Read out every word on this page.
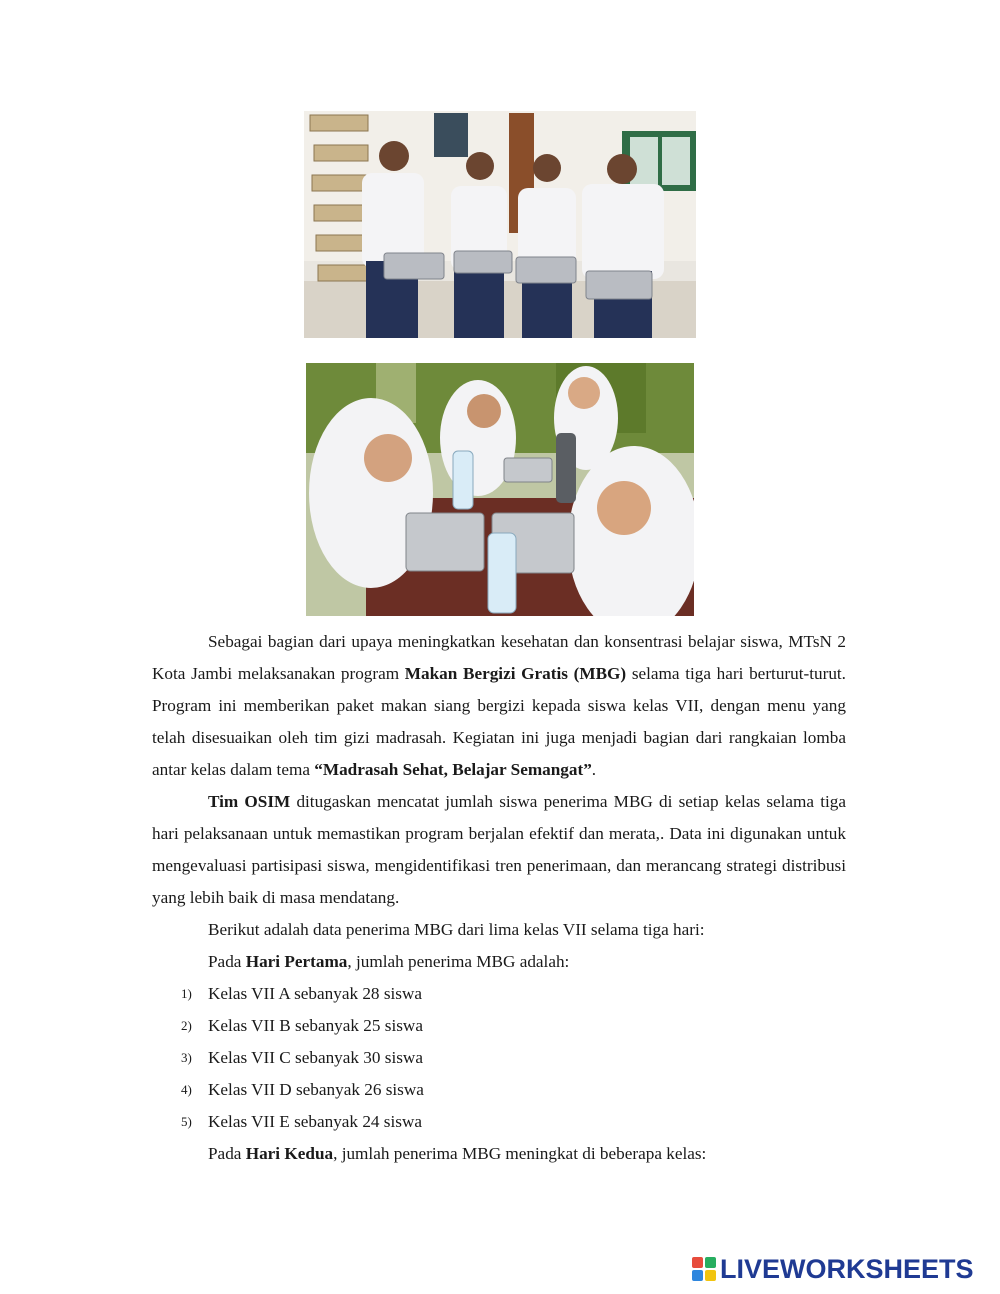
Sebagai bagian dari upaya meningkatkan kesehatan dan konsentrasi belajar siswa, MTsN 2 Kota Jambi melaksanakan program Makan Bergizi Gratis (MBG) selama tiga hari berturut-turut. Program ini memberikan paket makan siang bergizi kepada siswa kelas VII, dengan menu yang telah disesuaikan oleh tim gizi madrasah. Kegiatan ini juga menjadi bagian dari rangkaian lomba antar kelas dalam tema “Madrasah Sehat, Belajar Semangat”.

Tim OSIM ditugaskan mencatat jumlah siswa penerima MBG di setiap kelas selama tiga hari pelaksanaan untuk memastikan program berjalan efektif dan merata,. Data ini digunakan untuk mengevaluasi partisipasi siswa, mengidentifikasi tren penerimaan, dan merancang strategi distribusi yang lebih baik di masa mendatang.

Berikut adalah data penerima MBG dari lima kelas VII selama tiga hari:

Pada Hari Pertama, jumlah penerima MBG adalah:

1) Kelas VII A sebanyak 28 siswa
2) Kelas VII B sebanyak 25 siswa
3) Kelas VII C sebanyak 30 siswa
4) Kelas VII D sebanyak 26 siswa
5) Kelas VII E sebanyak 24 siswa

Pada Hari Kedua, jumlah penerima MBG meningkat di beberapa kelas:

LIVEWORKSHEETS
